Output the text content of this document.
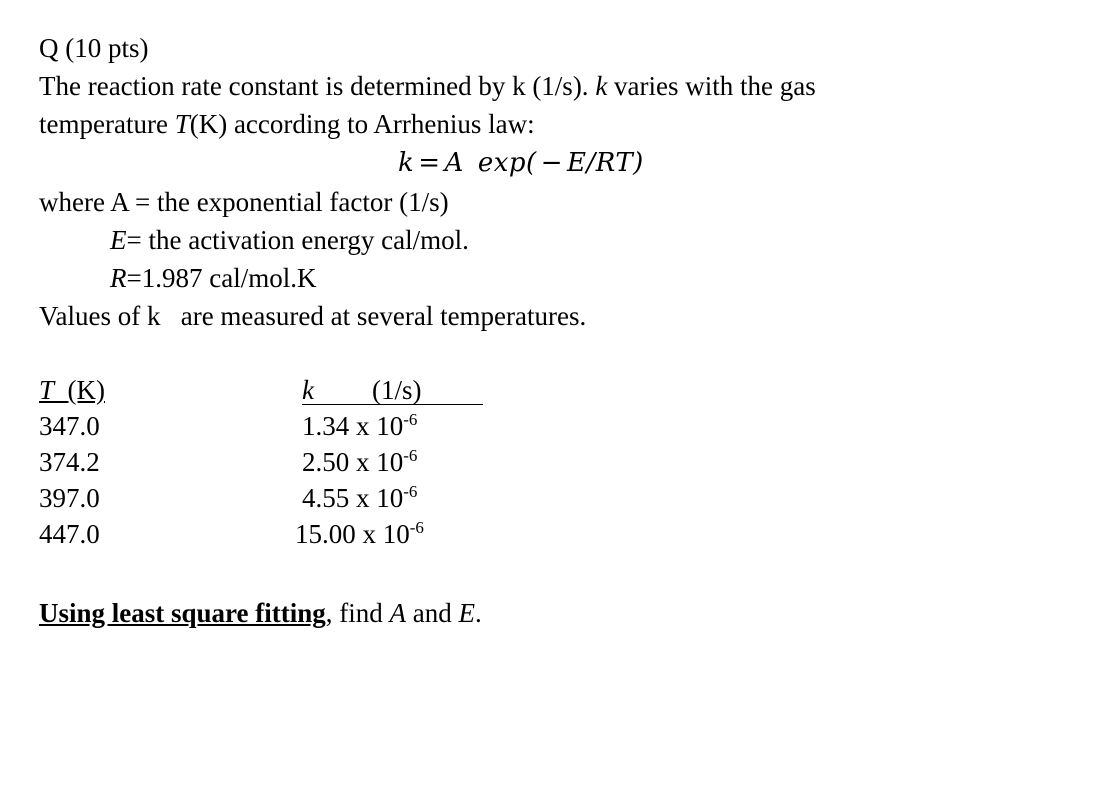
Q (10 pts)
The reaction rate constant is determined by k (1/s). k varies with the gas
temperature T(K) according to Arrhenius law:
k = A exp( − E/RT)
where A = the exponential factor (1/s)
E= the activation energy cal/mol.
R=1.987 cal/mol.K
Values of k   are measured at several temperatures.
T (K)	k (1/s)
347.0	1.34 x $10^{-6}$
374.2	2.50 x $10^{-6}$
397.0	4.55 x $10^{-6}$
447.0	15.00 x $10^{-6}$
Using least square fitting, find A and E.
